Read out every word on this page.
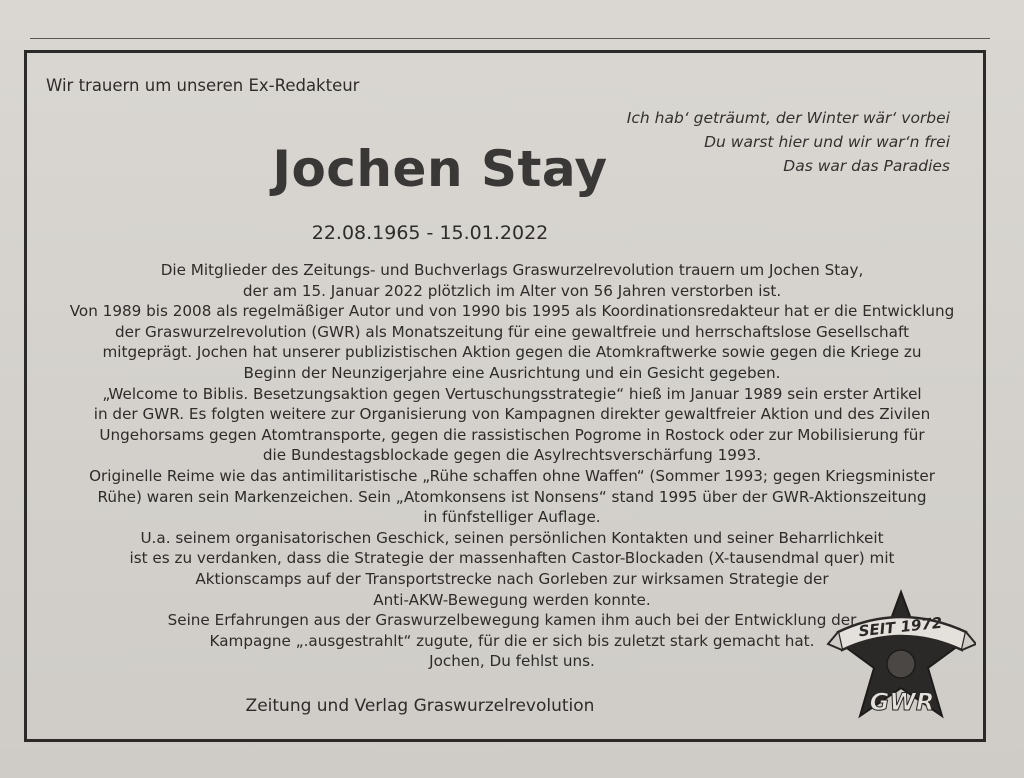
Wir trauern um unseren Ex-Redakteur
Ich hab‘ geträumt, der Winter wär‘ vorbei
Du warst hier und wir war‘n frei
Das war das Paradies
Jochen Stay
22.08.1965 - 15.01.2022
Die Mitglieder des Zeitungs- und Buchverlags Graswurzelrevolution trauern um Jochen Stay,
der am 15. Januar 2022 plötzlich im Alter von 56 Jahren verstorben ist.
Von 1989 bis 2008 als regelmäßiger Autor und von 1990 bis 1995 als Koordinationsredakteur hat er die Entwicklung
der Graswurzelrevolution (GWR) als Monatszeitung für eine gewaltfreie und herrschaftslose Gesellschaft
mitgeprägt. Jochen hat unserer publizistischen Aktion gegen die Atomkraftwerke sowie gegen die Kriege zu
Beginn der Neunzigerjahre eine Ausrichtung und ein Gesicht gegeben.
„Welcome to Biblis. Besetzungsaktion gegen Vertuschungsstrategie“ hieß im Januar 1989 sein erster Artikel
in der GWR. Es folgten weitere zur Organisierung von Kampagnen direkter gewaltfreier Aktion und des Zivilen
Ungehorsams gegen Atomtransporte, gegen die rassistischen Pogrome in Rostock oder zur Mobilisierung für
die Bundestagsblockade gegen die Asylrechtsverschärfung 1993.
Originelle Reime wie das antimilitaristische „Rühe schaffen ohne Waffen“ (Sommer 1993; gegen Kriegsminister
Rühe) waren sein Markenzeichen. Sein „Atomkonsens ist Nonsens“ stand 1995 über der GWR-Aktionszeitung
in fünfstelliger Auflage.
U.a. seinem organisatorischen Geschick, seinen persönlichen Kontakten und seiner Beharrlichkeit
ist es zu verdanken, dass die Strategie der massenhaften Castor-Blockaden (X-tausendmal quer) mit
Aktionscamps auf der Transportstrecke nach Gorleben zur wirksamen Strategie der
Anti-AKW-Bewegung werden konnte.
Seine Erfahrungen aus der Graswurzelbewegung kamen ihm auch bei der Entwicklung der
Kampagne „.ausgestrahlt“ zugute, für die er sich bis zuletzt stark gemacht hat.
Jochen, Du fehlst uns.
Zeitung und Verlag Graswurzelrevolution
SEIT 1972
GWR
